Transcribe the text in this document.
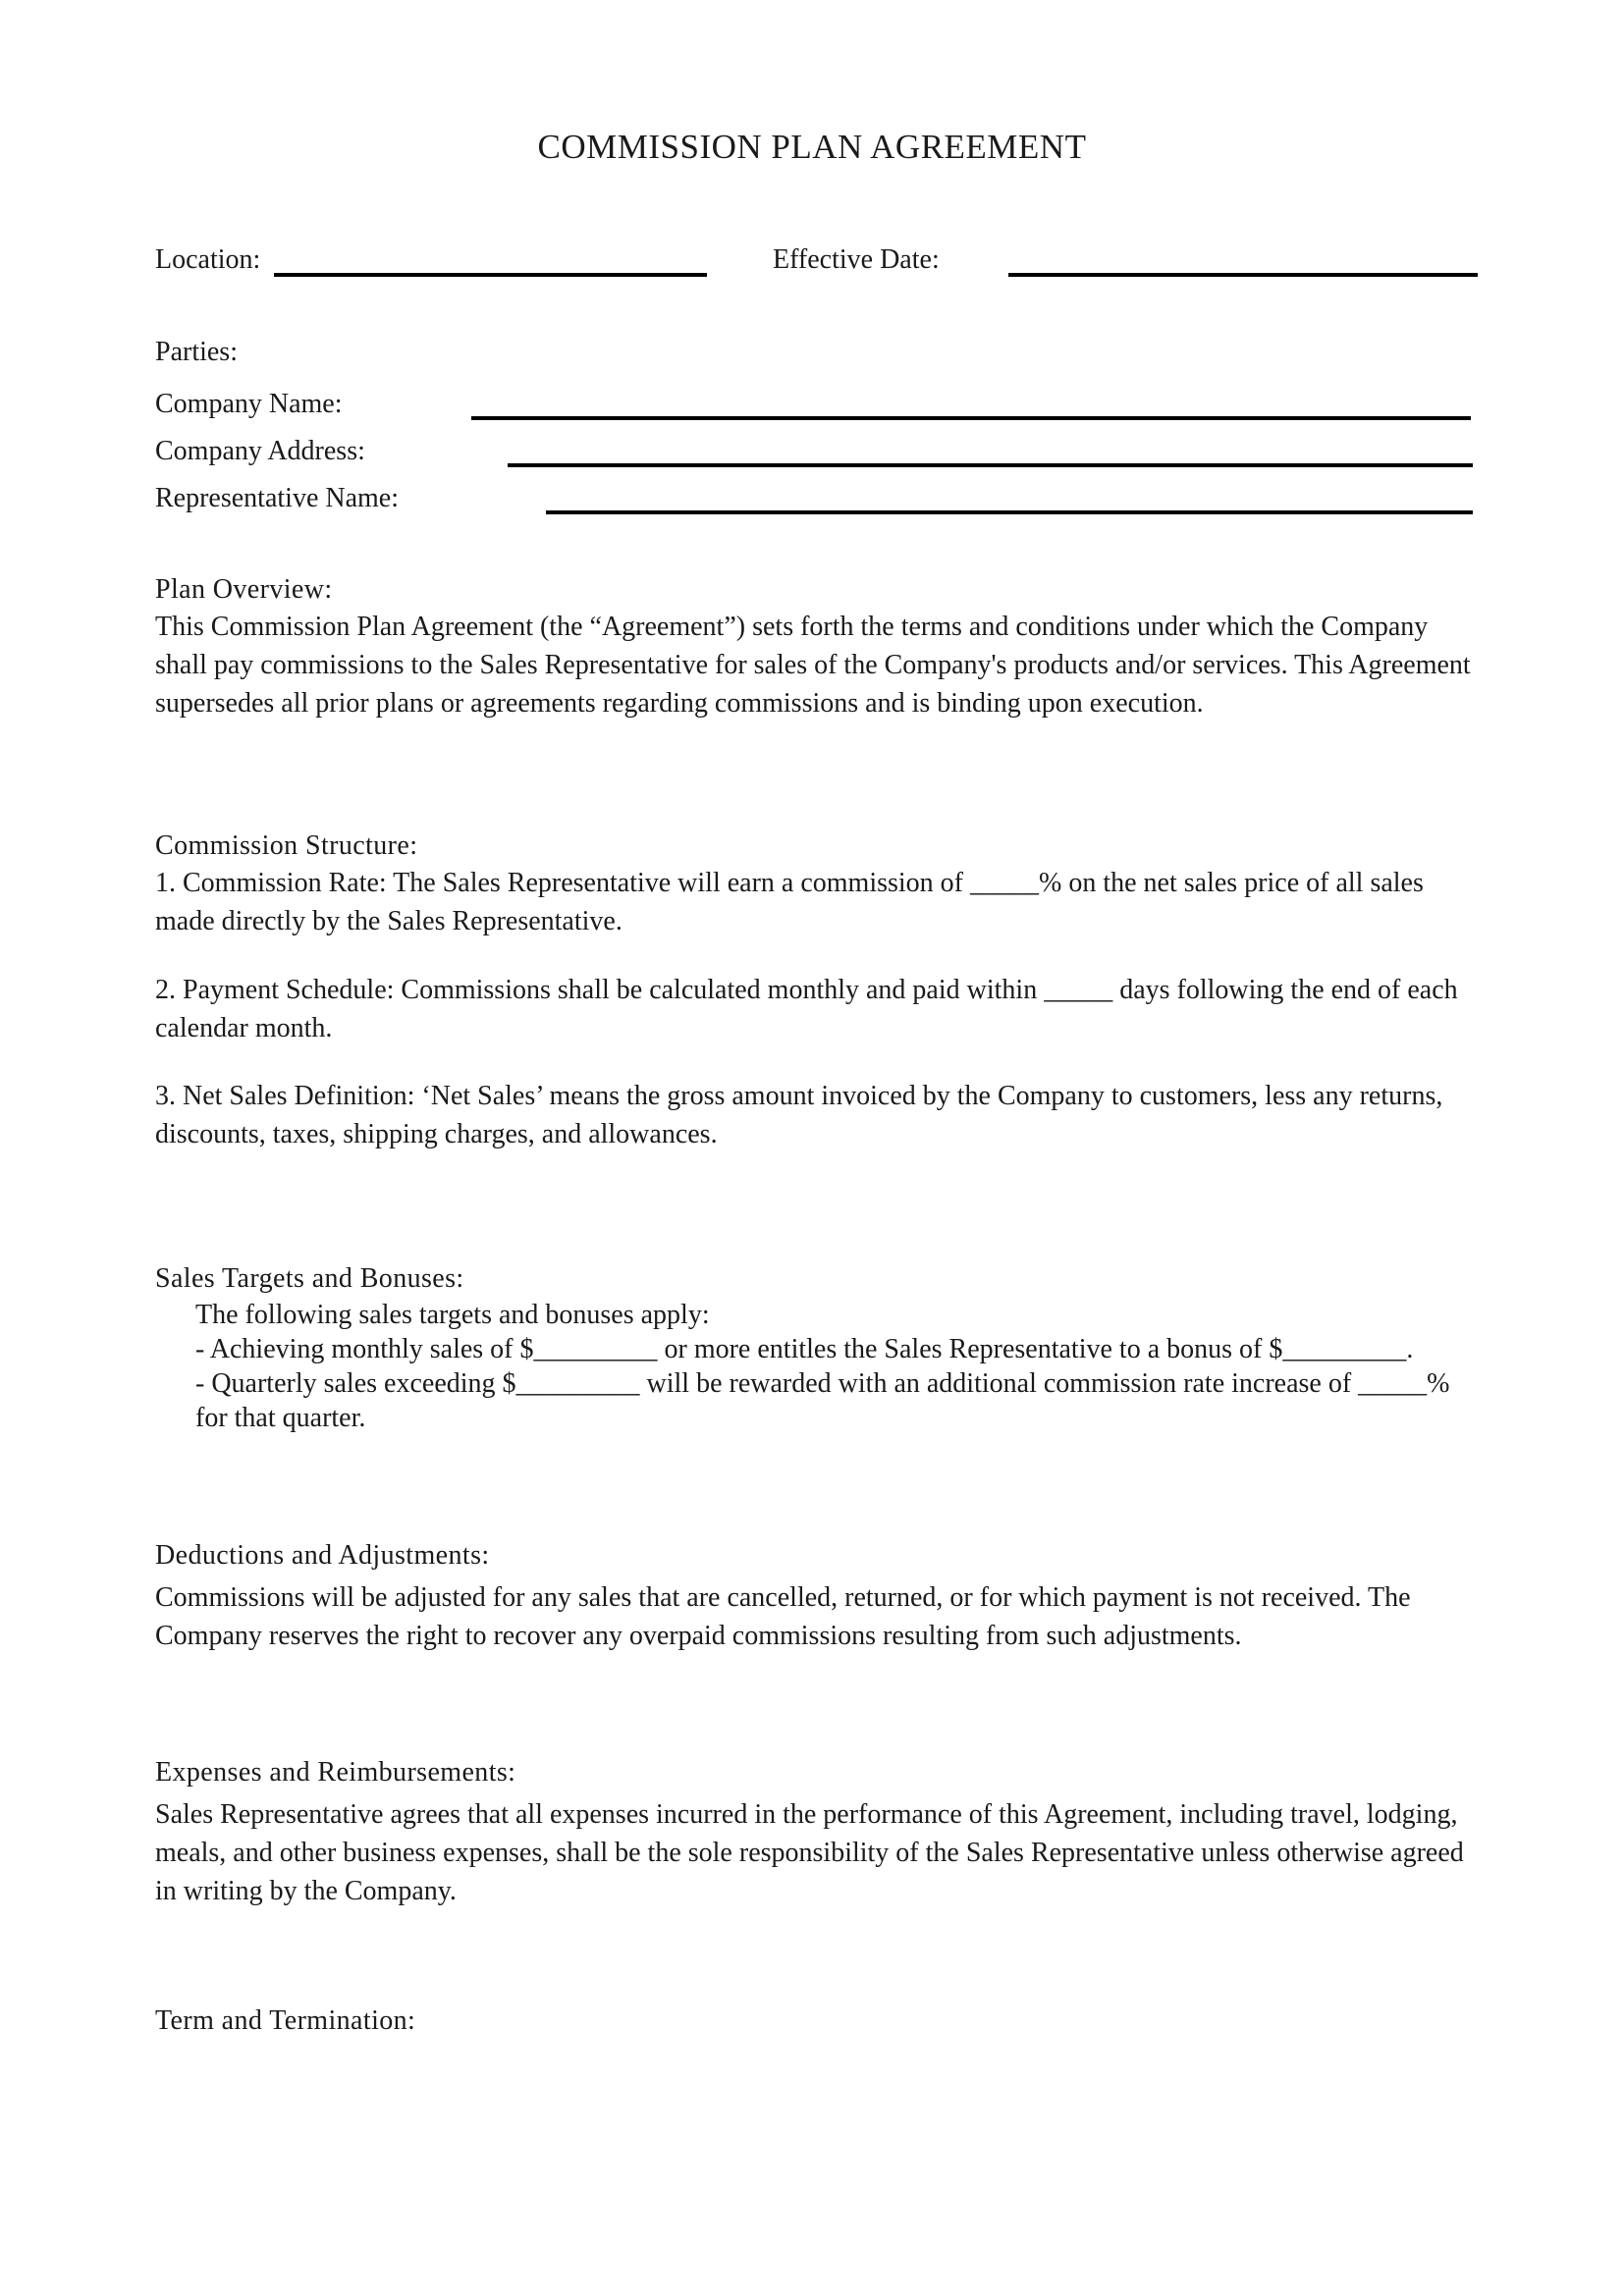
COMMISSION PLAN AGREEMENT
Location:	Effective Date:
Parties:
Company Name:
Company Address:
Representative Name:
Plan Overview:
This Commission Plan Agreement (the “Agreement”) sets forth the terms and conditions under which the Company shall pay commissions to the Sales Representative for sales of the Company's products and/or services. This Agreement supersedes all prior plans or agreements regarding commissions and is binding upon execution.
Commission Structure:
1. Commission Rate: The Sales Representative will earn a commission of _____% on the net sales price of all sales made directly by the Sales Representative.
2. Payment Schedule: Commissions shall be calculated monthly and paid within _____ days following the end of each calendar month.
3. Net Sales Definition: ‘Net Sales’ means the gross amount invoiced by the Company to customers, less any returns, discounts, taxes, shipping charges, and allowances.
Sales Targets and Bonuses:
The following sales targets and bonuses apply:
- Achieving monthly sales of $_________ or more entitles the Sales Representative to a bonus of $_________.
- Quarterly sales exceeding $_________ will be rewarded with an additional commission rate increase of _____%
for that quarter.
Deductions and Adjustments:
Commissions will be adjusted for any sales that are cancelled, returned, or for which payment is not received. The Company reserves the right to recover any overpaid commissions resulting from such adjustments.
Expenses and Reimbursements:
Sales Representative agrees that all expenses incurred in the performance of this Agreement, including travel, lodging, meals, and other business expenses, shall be the sole responsibility of the Sales Representative unless otherwise agreed in writing by the Company.
Term and Termination:
